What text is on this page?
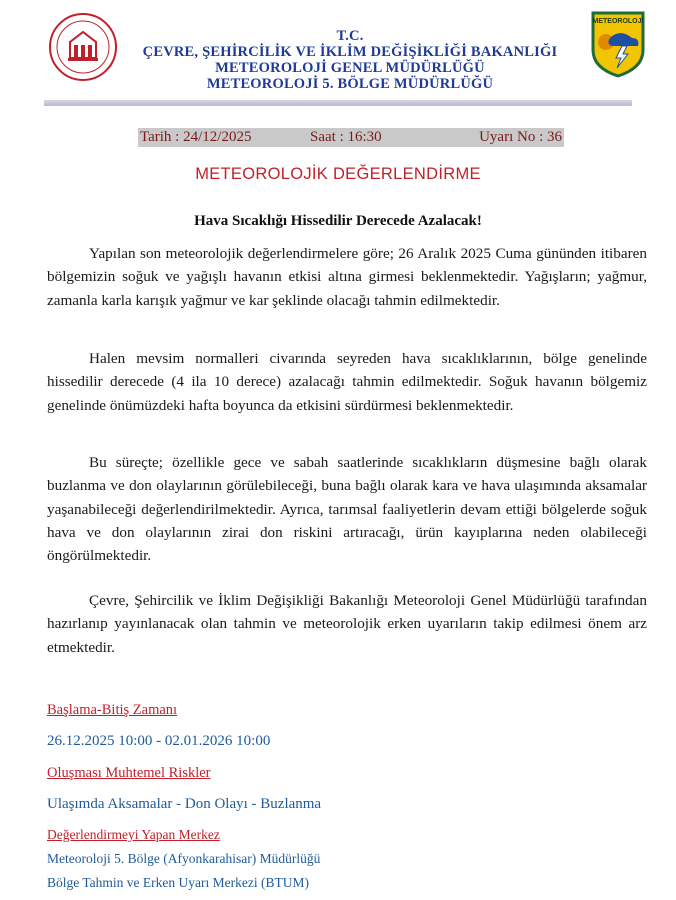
T.C.
ÇEVRE, ŞEHİRCİLİK VE İKLİM DEĞİŞİKLİĞİ BAKANLIĞI
METEOROLOJİ GENEL MÜDÜRLÜĞÜ
METEOROLOJİ 5. BÖLGE MÜDÜRLÜĞÜ
METEOROLOJİ
Tarih : 24/12/2025	Saat : 16:30	Uyarı No : 36
METEOROLOJİK DEĞERLENDİRME
Hava Sıcaklığı Hissedilir Derecede Azalacak!

Yapılan son meteorolojik değerlendirmelere göre; 26 Aralık 2025 Cuma gününden itibaren bölgemizin soğuk ve yağışlı havanın etkisi altına girmesi beklenmektedir. Yağışların; yağmur, zamanla karla karışık yağmur ve kar şeklinde olacağı tahmin edilmektedir.

Halen mevsim normalleri civarında seyreden hava sıcaklıklarının, bölge genelinde hissedilir derecede (4 ila 10 derece) azalacağı tahmin edilmektedir. Soğuk havanın bölgemiz genelinde önümüzdeki hafta boyunca da etkisini sürdürmesi beklenmektedir.

Bu süreçte; özellikle gece ve sabah saatlerinde sıcaklıkların düşmesine bağlı olarak buzlanma ve don olaylarının görülebileceği, buna bağlı olarak kara ve hava ulaşımında aksamalar yaşanabileceği değerlendirilmektedir. Ayrıca, tarımsal faaliyetlerin devam ettiği bölgelerde soğuk hava ve don olaylarının zirai don riskini artıracağı, ürün kayıplarına neden olabileceği öngörülmektedir.

Çevre, Şehircilik ve İklim Değişikliği Bakanlığı Meteoroloji Genel Müdürlüğü tarafından hazırlanıp yayınlanacak olan tahmin ve meteorolojik erken uyarıların takip edilmesi önem arz etmektedir.

Başlama-Bitiş Zamanı
26.12.2025 10:00 - 02.01.2026 10:00
Oluşması Muhtemel Riskler
Ulaşımda Aksamalar - Don Olayı - Buzlanma
Değerlendirmeyi Yapan Merkez
Meteoroloji 5. Bölge (Afyonkarahisar) Müdürlüğü
Bölge Tahmin ve Erken Uyarı Merkezi (BTUM)
